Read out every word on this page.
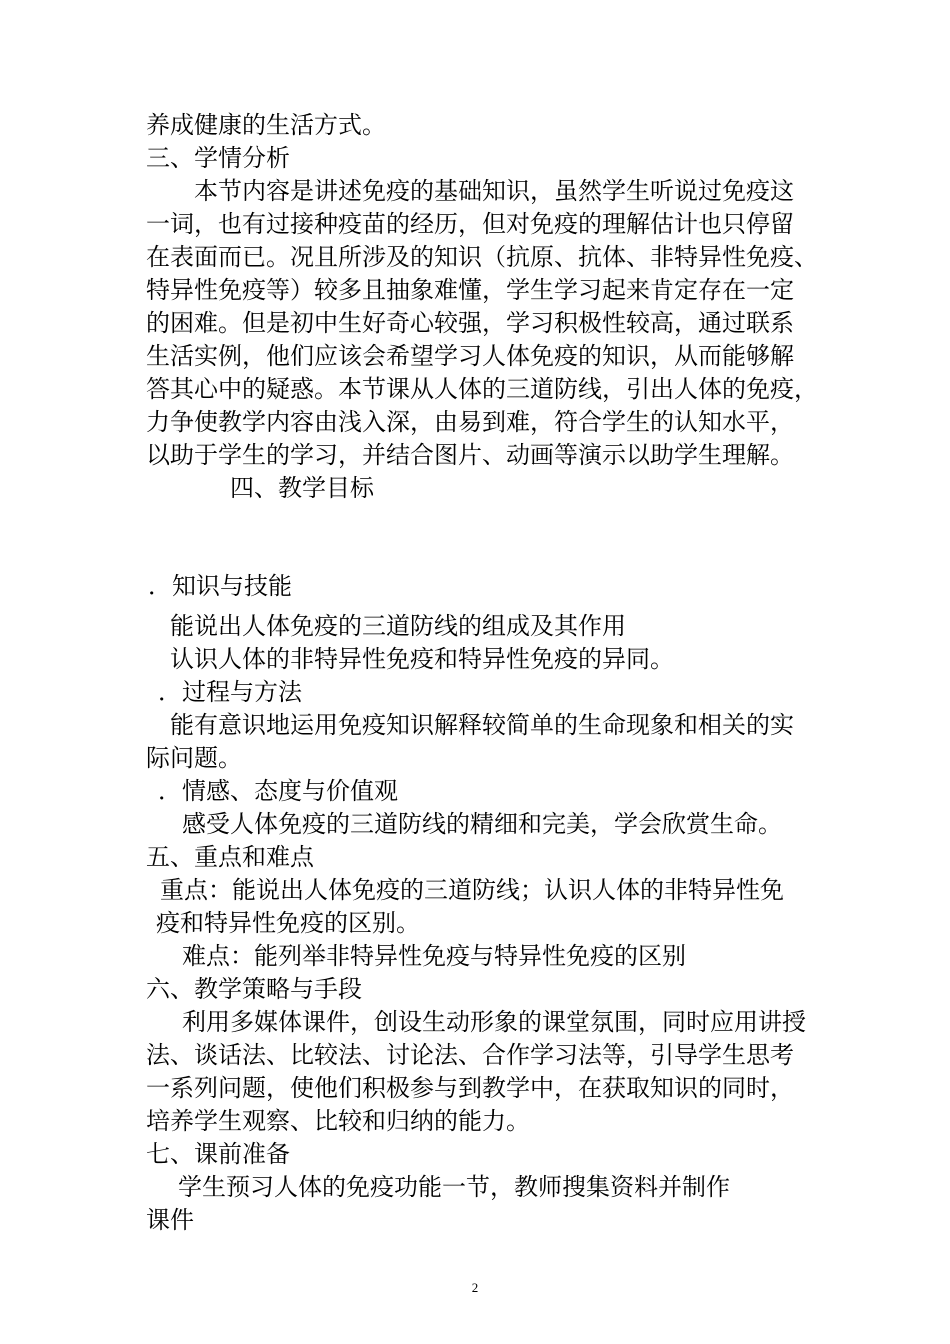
养成健康的生活方式。
三、学情分析
本节内容是讲述免疫的基础知识，虽然学生听说过免疫这
一词，也有过接种疫苗的经历，但对免疫的理解估计也只停留
在表面而已。况且所涉及的知识（抗原、抗体、非特异性免疫、
特异性免疫等）较多且抽象难懂，学生学习起来肯定存在一定
的困难。但是初中生好奇心较强，学习积极性较高，通过联系
生活实例，他们应该会希望学习人体免疫的知识，从而能够解
答其心中的疑惑。本节课从人体的三道防线，引出人体的免疫，
力争使教学内容由浅入深，由易到难，符合学生的认知水平，
以助于学生的学习，并结合图片、动画等演示以助学生理解。
四、教学目标
．知识与技能
能说出人体免疫的三道防线的组成及其作用
认识人体的非特异性免疫和特异性免疫的异同。
．过程与方法
能有意识地运用免疫知识解释较简单的生命现象和相关的实
际问题。
．情感、态度与价值观
感受人体免疫的三道防线的精细和完美，学会欣赏生命。
五、重点和难点
重点：能说出人体免疫的三道防线；认识人体的非特异性免
疫和特异性免疫的区别。
难点：能列举非特异性免疫与特异性免疫的区别
六、教学策略与手段
利用多媒体课件，创设生动形象的课堂氛围，同时应用讲授
法、谈话法、比较法、讨论法、合作学习法等，引导学生思考
一系列问题，使他们积极参与到教学中，在获取知识的同时，
培养学生观察、比较和归纳的能力。
七、课前准备
学生预习人体的免疫功能一节，教师搜集资料并制作
课件
2
